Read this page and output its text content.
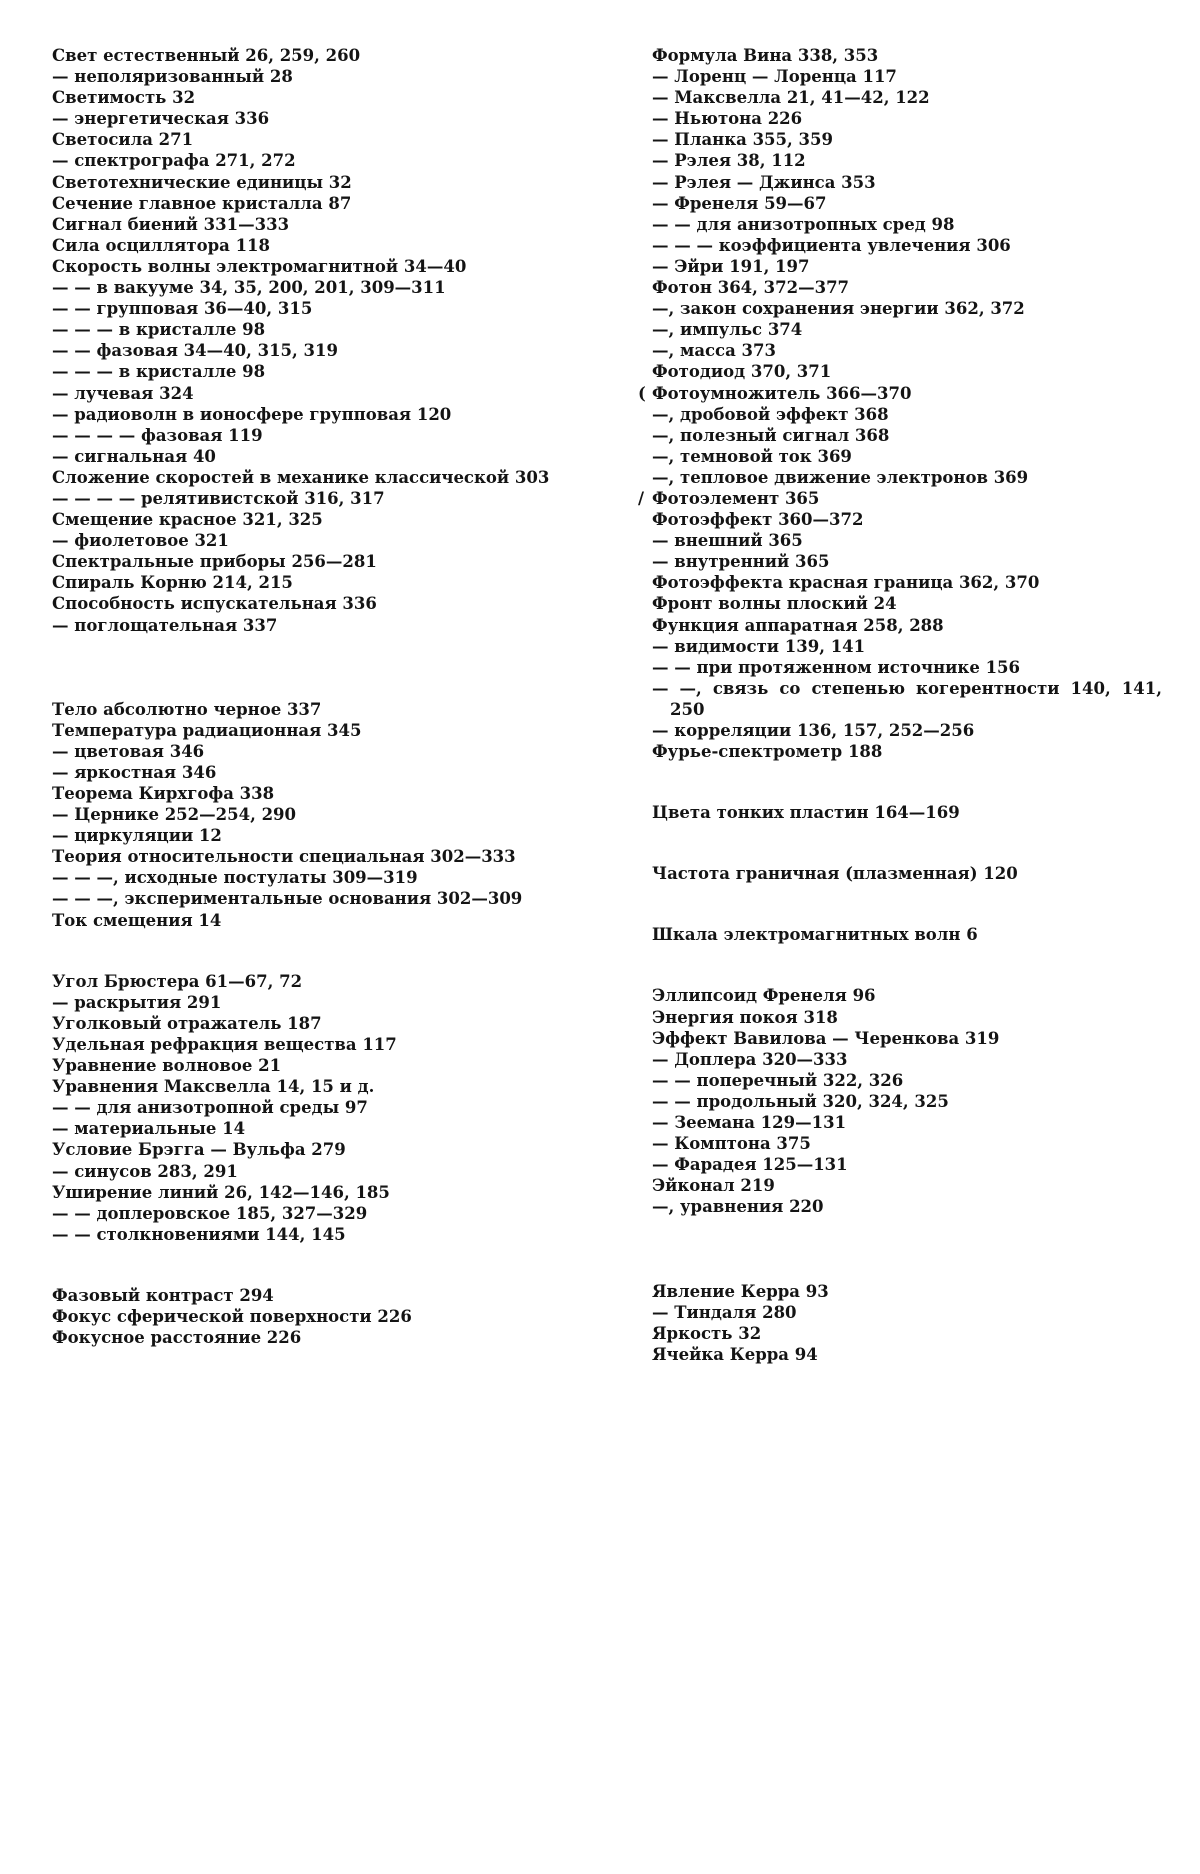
Свет естественный 26, 259, 260
— неполяризованный 28
Светимость 32
— энергетическая 336
Светосила 271
— спектрографа 271, 272
Светотехнические единицы 32
Сечение главное кристалла 87
Сигнал биений 331—333
Сила осциллятора 118
Скорость волны электромагнитной 34—40
— — в вакууме 34, 35, 200, 201, 309—311
— — групповая 36—40, 315
— — — в кристалле 98
— — фазовая 34—40, 315, 319
— — — в кристалле 98
— лучевая 324
— радиоволн в ионосфере групповая 120
— — — — фазовая 119
— сигнальная 40
Сложение скоростей в механике классической 303
— — — — релятивистской 316, 317
Смещение красное 321, 325
— фиолетовое 321
Спектральные приборы 256—281
Спираль Корню 214, 215
Способность испускательная 336
— поглощательная 337
Тело абсолютно черное 337
Температура радиационная 345
— цветовая 346
— яркостная 346
Теорема Кирхгофа 338
— Цернике 252—254, 290
— циркуляции 12
Теория относительности специальная 302—333
— — —, исходные постулаты 309—319
— — —, экспериментальные основания 302—309
Ток смещения 14
Угол Брюстера 61—67, 72
— раскрытия 291
Уголковый отражатель 187
Удельная рефракция вещества 117
Уравнение волновое 21
Уравнения Максвелла 14, 15 и д.
— — для анизотропной среды 97
— материальные 14
Условие Брэгга — Вульфа 279
— синусов 283, 291
Уширение линий 26, 142—146, 185
— — доплеровское 185, 327—329
— — столкновениями 144, 145
Фазовый контраст 294
Фокус сферической поверхности 226
Фокусное расстояние 226
Формула Вина 338, 353
— Лоренц — Лоренца 117
— Максвелла 21, 41—42, 122
— Ньютона 226
— Планка 355, 359
— Рэлея 38, 112
— Рэлея — Джинса 353
— Френеля 59—67
— — для анизотропных сред 98
— — — коэффициента увлечения 306
— Эйри 191, 197
Фотон 364, 372—377
—, закон сохранения энергии 362, 372
—, импульс 374
—, масса 373
Фотодиод 370, 371
( Фотоумножитель 366—370
—, дробовой эффект 368
—, полезный сигнал 368
—, темновой ток 369
—, тепловое движение электронов 369
/ Фотоэлемент 365
Фотоэффект 360—372
— внешний 365
— внутренний 365
Фотоэффекта красная граница 362, 370
Фронт волны плоский 24
Функция аппаратная 258, 288
— видимости 139, 141
— — при протяженном источнике 156
— —, связь со степенью когерентности 140, 141, 250
— корреляции 136, 157, 252—256
Фурье-спектрометр 188
Цвета тонких пластин 164—169
Частота граничная (плазменная) 120
Шкала электромагнитных волн 6
Эллипсоид Френеля 96
Энергия покоя 318
Эффект Вавилова — Черенкова 319
— Доплера 320—333
— — поперечный 322, 326
— — продольный 320, 324, 325
— Зеемана 129—131
— Комптона 375
— Фарадея 125—131
Эйконал 219
—, уравнения 220
Явление Керра 93
— Тиндаля 280
Яркость 32
Ячейка Керра 94
